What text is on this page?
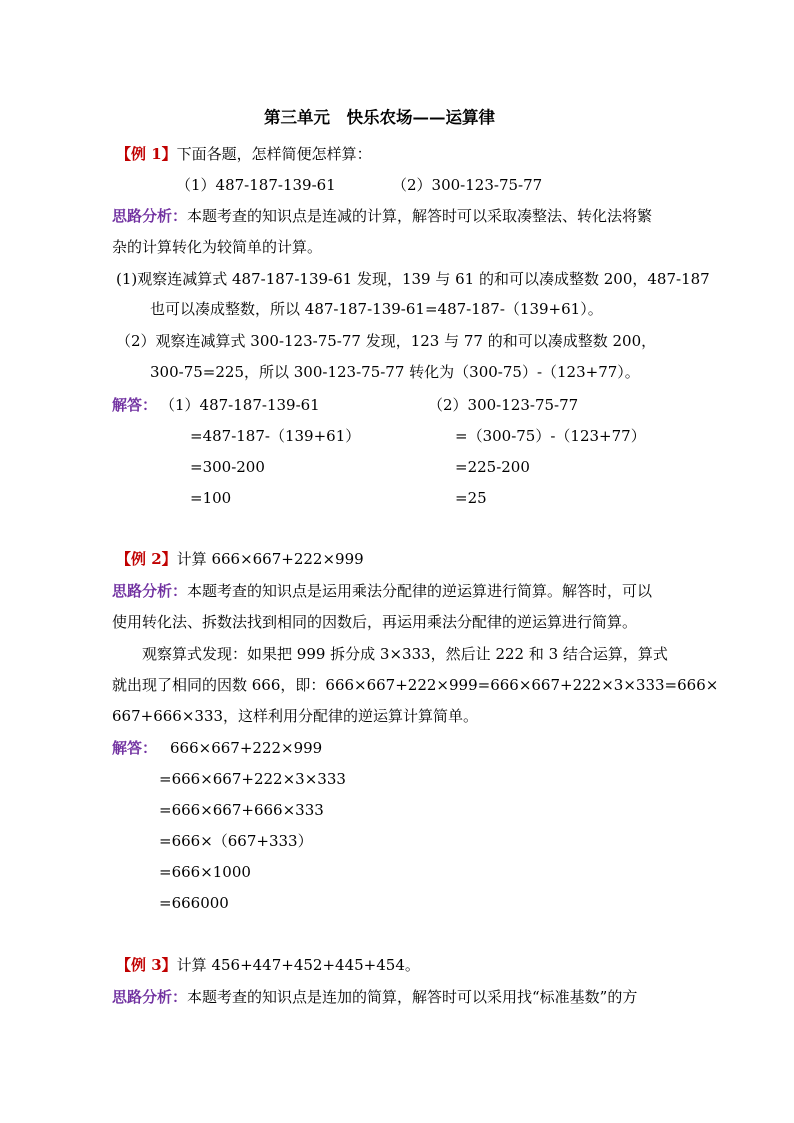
第三单元　快乐农场——运算律
【例 1】下面各题，怎样简便怎样算：
（1）487-187-139-61	（2）300-123-75-77
思路分析：本题考查的知识点是连减的计算，解答时可以采取凑整法、转化法将繁
杂的计算转化为较简单的计算。
(1)观察连减算式 487-187-139-61 发现，139 与 61 的和可以凑成整数 200，487-187
也可以凑成整数，所以 487-187-139-61=487-187-（139+61）。
（2）观察连减算式 300-123-75-77 发现，123 与 77 的和可以凑成整数 200，
300-75=225，所以 300-123-75-77 转化为（300-75）-（123+77）。
解答： （1）487-187-139-61
=487-187-（139+61）
=300-200
=100
（2）300-123-75-77
=（300-75）-（123+77）
=225-200
=25
【例 2】计算 666×667+222×999
思路分析：本题考查的知识点是运用乘法分配律的逆运算进行简算。解答时，可以
使用转化法、拆数法找到相同的因数后，再运用乘法分配律的逆运算进行简算。
观察算式发现：如果把 999 拆分成 3×333，然后让 222 和 3 结合运算，算式
就出现了相同的因数 666，即：666×667+222×999=666×667+222×3×333=666×
667+666×333，这样利用分配律的逆运算计算简单。
解答： 666×667+222×999
=666×667+222×3×333
=666×667+666×333
=666×（667+333）
=666×1000
=666000
【例 3】计算 456+447+452+445+454。
思路分析：本题考查的知识点是连加的简算，解答时可以采用找“标准基数”的方
